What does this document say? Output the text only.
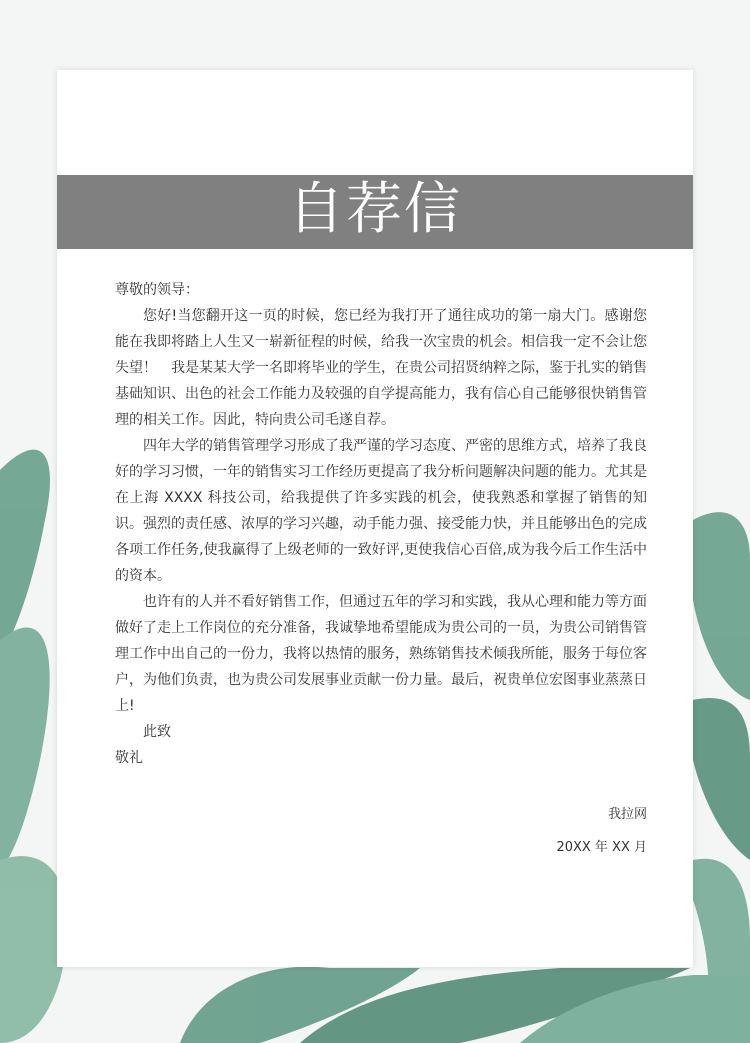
自荐信

尊敬的领导：

您好!当您翻开这一页的时候，您已经为我打开了通往成功的第一扇大门。感谢您能在我即将踏上人生又一崭新征程的时候，给我一次宝贵的机会。相信我一定不会让您失望！　我是某某大学一名即将毕业的学生，在贵公司招贤纳粹之际，鉴于扎实的销售基础知识、出色的社会工作能力及较强的自学提高能力，我有信心自己能够很快销售管理的相关工作。因此，特向贵公司毛遂自荐。

四年大学的销售管理学习形成了我严谨的学习态度、严密的思维方式，培养了我良好的学习习惯，一年的销售实习工作经历更提高了我分析问题解决问题的能力。尤其是在上海 XXXX 科技公司，给我提供了许多实践的机会，使我熟悉和掌握了销售的知识。强烈的责任感、浓厚的学习兴趣，动手能力强、接受能力快，并且能够出色的完成各项工作任务,使我赢得了上级老师的一致好评,更使我信心百倍,成为我今后工作生活中的资本。

也许有的人并不看好销售工作，但通过五年的学习和实践，我从心理和能力等方面做好了走上工作岗位的充分准备，我诚挚地希望能成为贵公司的一员，为贵公司销售管理工作中出自己的一份力，我将以热情的服务，熟练销售技术倾我所能，服务于每位客户，为他们负责，也为贵公司发展事业贡献一份力量。最后，祝贵单位宏图事业蒸蒸日上!

此致

敬礼

我拉网
20XX 年 XX 月
